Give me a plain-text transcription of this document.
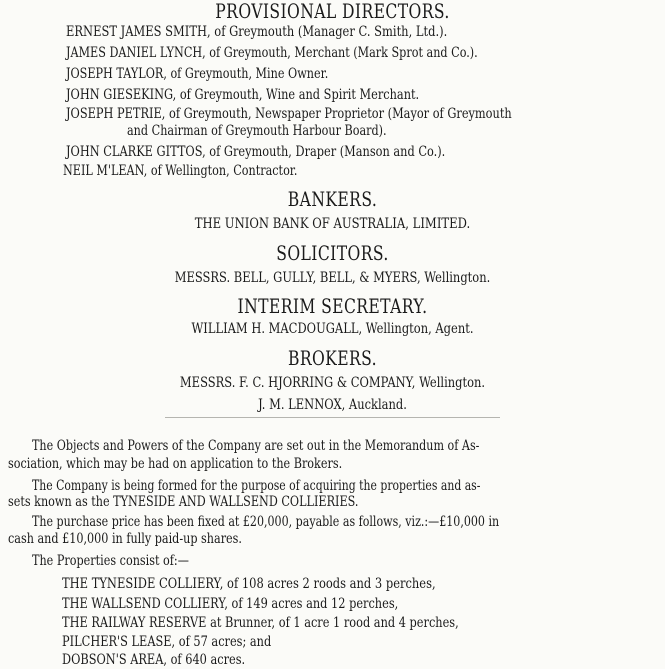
PROVISIONAL DIRECTORS.
ERNEST JAMES SMITH, of Greymouth (Manager C. Smith, Ltd.).
JAMES DANIEL LYNCH, of Greymouth, Merchant (Mark Sprot and Co.).
JOSEPH TAYLOR, of Greymouth, Mine Owner.
JOHN GIESEKING, of Greymouth, Wine and Spirit Merchant.
JOSEPH PETRIE, of Greymouth, Newspaper Proprietor (Mayor of Greymouth
and Chairman of Greymouth Harbour Board).
JOHN CLARKE GITTOS, of Greymouth, Draper (Manson and Co.).
NEIL M'LEAN, of Wellington, Contractor.
BANKERS.
THE UNION BANK OF AUSTRALIA, LIMITED.
SOLICITORS.
MESSRS. BELL, GULLY, BELL, & MYERS, Wellington.
INTERIM SECRETARY.
WILLIAM H. MACDOUGALL, Wellington, Agent.
BROKERS.
MESSRS. F. C. HJORRING & COMPANY, Wellington.
J. M. LENNOX, Auckland.
The Objects and Powers of the Company are set out in the Memorandum of As-
sociation, which may be had on application to the Brokers.
The Company is being formed for the purpose of acquiring the properties and as-
sets known as the TYNESIDE AND WALLSEND COLLIERIES.
The purchase price has been fixed at £20,000, payable as follows, viz.:—£10,000 in
cash and £10,000 in fully paid-up shares.
The Properties consist of:—
THE TYNESIDE COLLIERY, of 108 acres 2 roods and 3 perches,
THE WALLSEND COLLIERY, of 149 acres and 12 perches,
THE RAILWAY RESERVE at Brunner, of 1 acre 1 rood and 4 perches,
PILCHER'S LEASE, of 57 acres; and
DOBSON'S AREA, of 640 acres.
